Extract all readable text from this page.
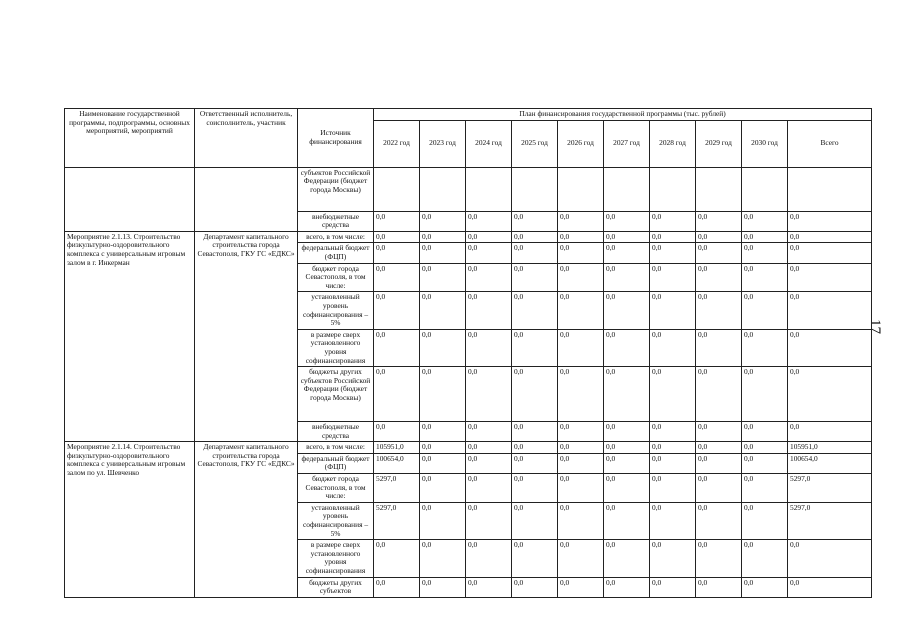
17
Наименование государственной программы, подпрограммы, основных мероприятий, мероприятий	Ответственный исполнитель, соисполнитель, участник	Источник финансирования	План финансирования государственной программы (тыс. рублей)									
			2022 год	2023 год	2024 год	2025 год	2026 год	2027 год	2028 год	2029 год	2030 год	Всего
		субъектов Российской Федерации (бюджет города Москвы)										
		внебюджетные средства	0,0	0,0	0,0	0,0	0,0	0,0	0,0	0,0	0,0	0,0
Мероприятие 2.1.13. Строительство физкультурно-оздоровительного комплекса с универсальным игровым залом в г. Инкерман	Департамент капитального строительства города Севастополя, ГКУ ГС «ЕДКС»	всего, в том числе:	0,0	0,0	0,0	0,0	0,0	0,0	0,0	0,0	0,0	0,0
		федеральный бюджет (ФЦП)	0,0	0,0	0,0	0,0	0,0	0,0	0,0	0,0	0,0	0,0
		бюджет города Севастополя, в том числе:	0,0	0,0	0,0	0,0	0,0	0,0	0,0	0,0	0,0	0,0
		установленный уровень софинансирования – 5%	0,0	0,0	0,0	0,0	0,0	0,0	0,0	0,0	0,0	0,0
		в размере сверх установленного уровня софинансирования	0,0	0,0	0,0	0,0	0,0	0,0	0,0	0,0	0,0	0,0
		бюджеты других субъектов Российской Федерации (бюджет города Москвы)	0,0	0,0	0,0	0,0	0,0	0,0	0,0	0,0	0,0	0,0
		внебюджетные средства	0,0	0,0	0,0	0,0	0,0	0,0	0,0	0,0	0,0	0,0
Мероприятие 2.1.14. Строительство физкультурно-оздоровительного комплекса с универсальным игровым залом по ул. Шевченко	Департамент капитального строительства города Севастополя, ГКУ ГС «ЕДКС»	всего, в том числе:	105951,0	0,0	0,0	0,0	0,0	0,0	0,0	0,0	0,0	105951,0
		федеральный бюджет (ФЦП)	100654,0	0,0	0,0	0,0	0,0	0,0	0,0	0,0	0,0	100654,0
		бюджет города Севастополя, в том числе:	5297,0	0,0	0,0	0,0	0,0	0,0	0,0	0,0	0,0	5297,0
		установленный уровень софинансирования – 5%	5297,0	0,0	0,0	0,0	0,0	0,0	0,0	0,0	0,0	5297,0
		в размере сверх установленного уровня софинансирования	0,0	0,0	0,0	0,0	0,0	0,0	0,0	0,0	0,0	0,0
		бюджеты других субъектов	0,0	0,0	0,0	0,0	0,0	0,0	0,0	0,0	0,0	0,0
